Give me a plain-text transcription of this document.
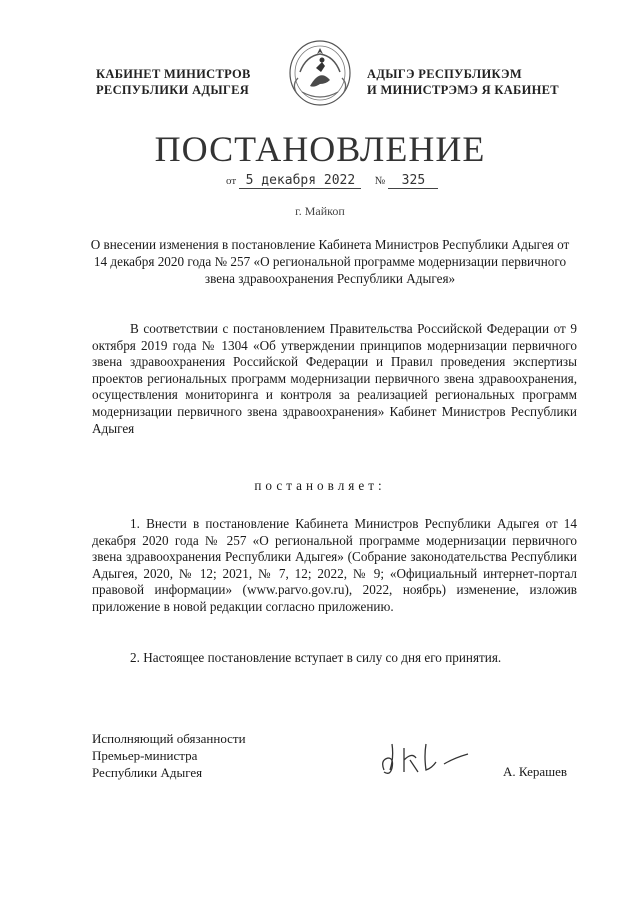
КАБИНЕТ МИНИСТРОВ
РЕСПУБЛИКИ АДЫГЕЯ
АДЫГЭ РЕСПУБЛИКЭМ
И МИНИСТРЭМЭ Я КАБИНЕТ
ПОСТАНОВЛЕНИЕ
от 5 декабря 2022 № 325
г. Майкоп
О внесении изменения в постановление Кабинета Министров Республики Адыгея от 14 декабря 2020 года № 257 «О региональной программе модернизации первичного звена здравоохранения Республики Адыгея»
В соответствии с постановлением Правительства Российской Федерации от 9 октября 2019 года № 1304 «Об утверждении принципов модернизации первичного звена здравоохранения Российской Федерации и Правил проведения экспертизы проектов региональных программ модернизации первичного звена здравоохранения, осуществления мониторинга и контроля за реализацией региональных программ модернизации первичного звена здравоохранения» Кабинет Министров Республики Адыгея
постановляет:
1. Внести в постановление Кабинета Министров Республики Адыгея от 14 декабря 2020 года № 257 «О региональной программе модернизации первичного звена здравоохранения Республики Адыгея» (Собрание законодательства Республики Адыгея, 2020, № 12; 2021, № 7, 12; 2022, № 9; «Официальный интернет-портал правовой информации» (www.parvo.gov.ru), 2022, ноябрь) изменение, изложив приложение в новой редакции согласно приложению.
2. Настоящее постановление вступает в силу со дня его принятия.
Исполняющий обязанности
Премьер-министра
Республики Адыгея	А. Керашев
